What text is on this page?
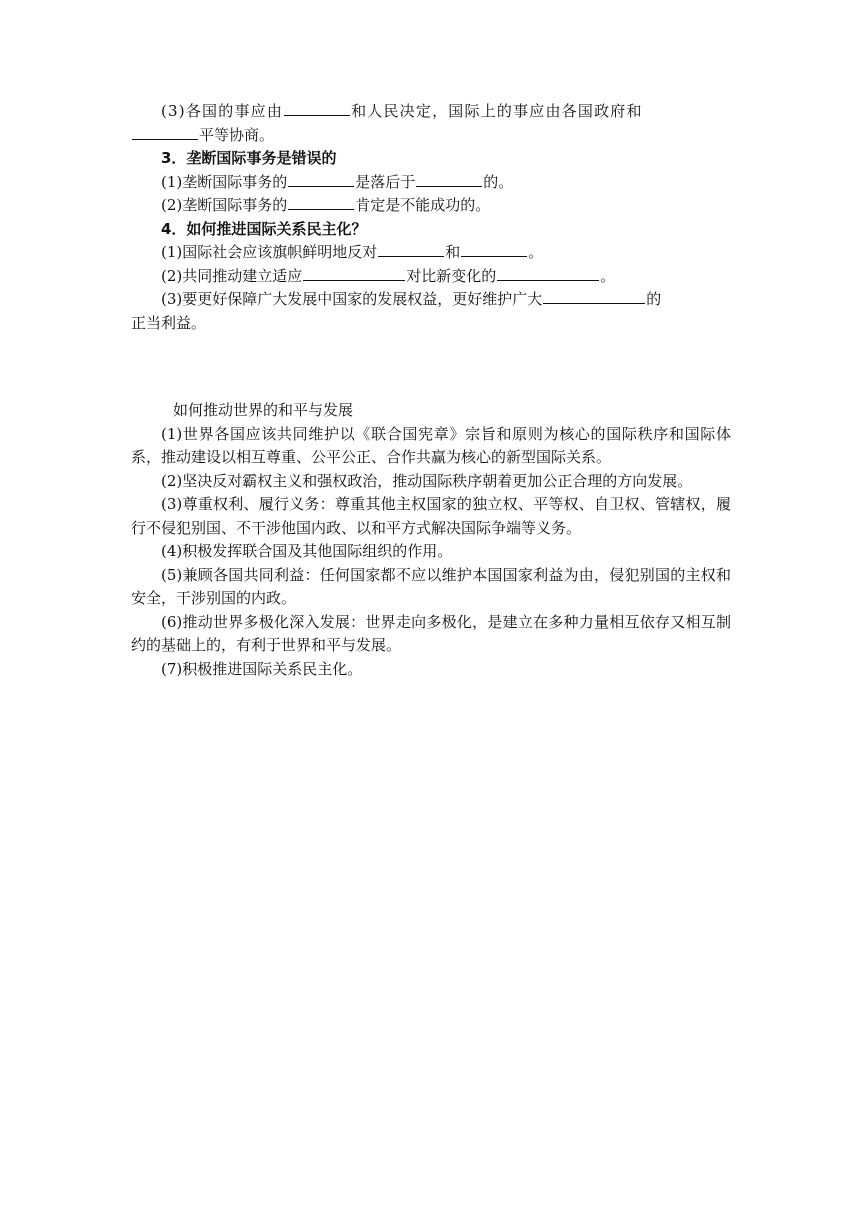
(3)各国的事应由	和人民决定，国际上的事应由各国政府和

平等协商。

3．垄断国际事务是错误的

(1)垄断国际事务的	是落后于	的。

(2)垄断国际事务的	肯定是不能成功的。

4．如何推进国际关系民主化？

(1)国际社会应该旗帜鲜明地反对	和	。

(2)共同推动建立适应	对比新变化的	。

(3)要更好保障广大发展中国家的发展权益，更好维护广大	的

正当利益。

如何推动世界的和平与发展

(1)世界各国应该共同维护以《联合国宪章》宗旨和原则为核心的国际秩序和国际体系，推动建设以相互尊重、公平公正、合作共赢为核心的新型国际关系。

(2)坚决反对霸权主义和强权政治，推动国际秩序朝着更加公正合理的方向发展。

(3)尊重权利、履行义务：尊重其他主权国家的独立权、平等权、自卫权、管辖权，履行不侵犯别国、不干涉他国内政、以和平方式解决国际争端等义务。

(4)积极发挥联合国及其他国际组织的作用。

(5)兼顾各国共同利益：任何国家都不应以维护本国国家利益为由，侵犯别国的主权和安全，干涉别国的内政。

(6)推动世界多极化深入发展：世界走向多极化，是建立在多种力量相互依存又相互制约的基础上的，有利于世界和平与发展。

(7)积极推进国际关系民主化。
